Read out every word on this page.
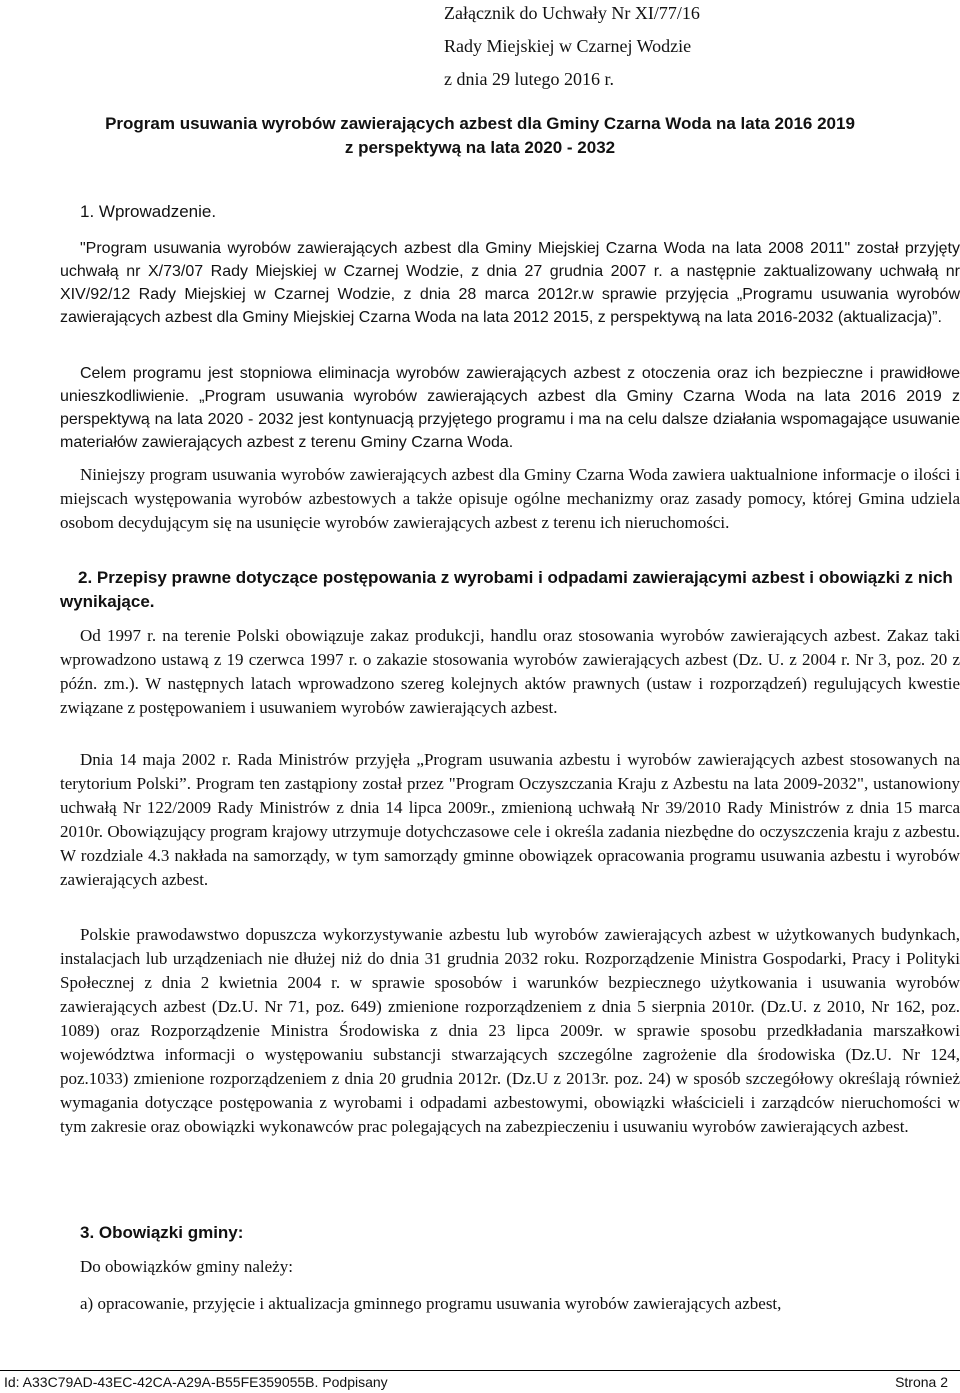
Załącznik do Uchwały Nr XI/77/16
Rady Miejskiej w Czarnej Wodzie
z dnia 29 lutego 2016 r.
Program usuwania wyrobów zawierających azbest dla Gminy Czarna Woda na lata 2016 2019
z perspektywą na lata 2020 - 2032
1. Wprowadzenie.
"Program usuwania wyrobów zawierających azbest dla Gminy Miejskiej Czarna Woda na lata 2008 2011" został przyjęty uchwałą nr X/73/07 Rady Miejskiej w Czarnej Wodzie, z dnia 27 grudnia 2007 r. a następnie zaktualizowany uchwałą nr XIV/92/12 Rady Miejskiej w Czarnej Wodzie, z dnia 28 marca 2012r.w sprawie przyjęcia „Programu usuwania wyrobów zawierających azbest dla Gminy Miejskiej Czarna Woda na lata 2012 2015, z perspektywą na lata 2016-2032 (aktualizacja)”.
Celem programu jest stopniowa eliminacja wyrobów zawierających azbest z otoczenia oraz ich bezpieczne i prawidłowe unieszkodliwienie. „Program usuwania wyrobów zawierających azbest dla Gminy Czarna Woda na lata 2016 2019 z perspektywą na lata 2020 - 2032 jest kontynuacją przyjętego programu i ma na celu dalsze działania wspomagające usuwanie materiałów zawierających azbest z terenu Gminy Czarna Woda.
Niniejszy program usuwania wyrobów zawierających azbest dla Gminy Czarna Woda zawiera uaktualnione informacje o ilości i miejscach występowania wyrobów azbestowych a także opisuje ogólne mechanizmy oraz zasady pomocy, której Gmina udziela osobom decydującym się na usunięcie wyrobów zawierających azbest z terenu ich nieruchomości.
2. Przepisy prawne dotyczące postępowania z wyrobami i odpadami zawierającymi azbest i obowiązki z nich wynikające.
Od 1997 r. na terenie Polski obowiązuje zakaz produkcji, handlu oraz stosowania wyrobów zawierających azbest. Zakaz taki wprowadzono ustawą z 19 czerwca 1997 r. o zakazie stosowania wyrobów zawierających azbest (Dz. U. z 2004 r. Nr 3, poz. 20 z późn. zm.). W następnych latach wprowadzono szereg kolejnych aktów prawnych (ustaw i rozporządzeń) regulujących kwestie związane z postępowaniem i usuwaniem wyrobów zawierających azbest.
Dnia 14 maja 2002 r. Rada Ministrów przyjęła „Program usuwania azbestu i wyrobów zawierających azbest stosowanych na terytorium Polski”. Program ten zastąpiony został przez "Program Oczyszczania Kraju z Azbestu na lata 2009-2032", ustanowiony uchwałą Nr 122/2009 Rady Ministrów z dnia 14 lipca 2009r., zmienioną uchwałą Nr 39/2010 Rady Ministrów z dnia 15 marca 2010r. Obowiązujący program krajowy utrzymuje dotychczasowe cele i określa zadania niezbędne do oczyszczenia kraju z azbestu. W rozdziale 4.3 nakłada na samorządy, w tym samorządy gminne obowiązek opracowania programu usuwania azbestu i wyrobów zawierających azbest.
Polskie prawodawstwo dopuszcza wykorzystywanie azbestu lub wyrobów zawierających azbest w użytkowanych budynkach, instalacjach lub urządzeniach nie dłużej niż do dnia 31 grudnia 2032 roku. Rozporządzenie Ministra Gospodarki, Pracy i Polityki Społecznej z dnia 2 kwietnia 2004 r. w sprawie sposobów i warunków bezpiecznego użytkowania i usuwania wyrobów zawierających azbest (Dz.U. Nr 71, poz. 649) zmienione rozporządzeniem z dnia 5 sierpnia 2010r. (Dz.U. z 2010, Nr 162, poz. 1089) oraz Rozporządzenie Ministra Środowiska z dnia 23 lipca 2009r. w sprawie sposobu przedkładania marszałkowi województwa informacji o występowaniu substancji stwarzających szczególne zagrożenie dla środowiska (Dz.U. Nr 124, poz.1033) zmienione rozporządzeniem z dnia 20 grudnia 2012r. (Dz.U z 2013r. poz. 24) w sposób szczegółowy określają również wymagania dotyczące postępowania z wyrobami i odpadami azbestowymi, obowiązki właścicieli i zarządców nieruchomości w tym zakresie oraz obowiązki wykonawców prac polegających na zabezpieczeniu i usuwaniu wyrobów zawierających azbest.
3. Obowiązki gminy:
Do obowiązków gminy należy:
a) opracowanie, przyjęcie i aktualizacja gminnego programu usuwania wyrobów zawierających azbest,
Id: A33C79AD-43EC-42CA-A29A-B55FE359055B. Podpisany	Strona 2
